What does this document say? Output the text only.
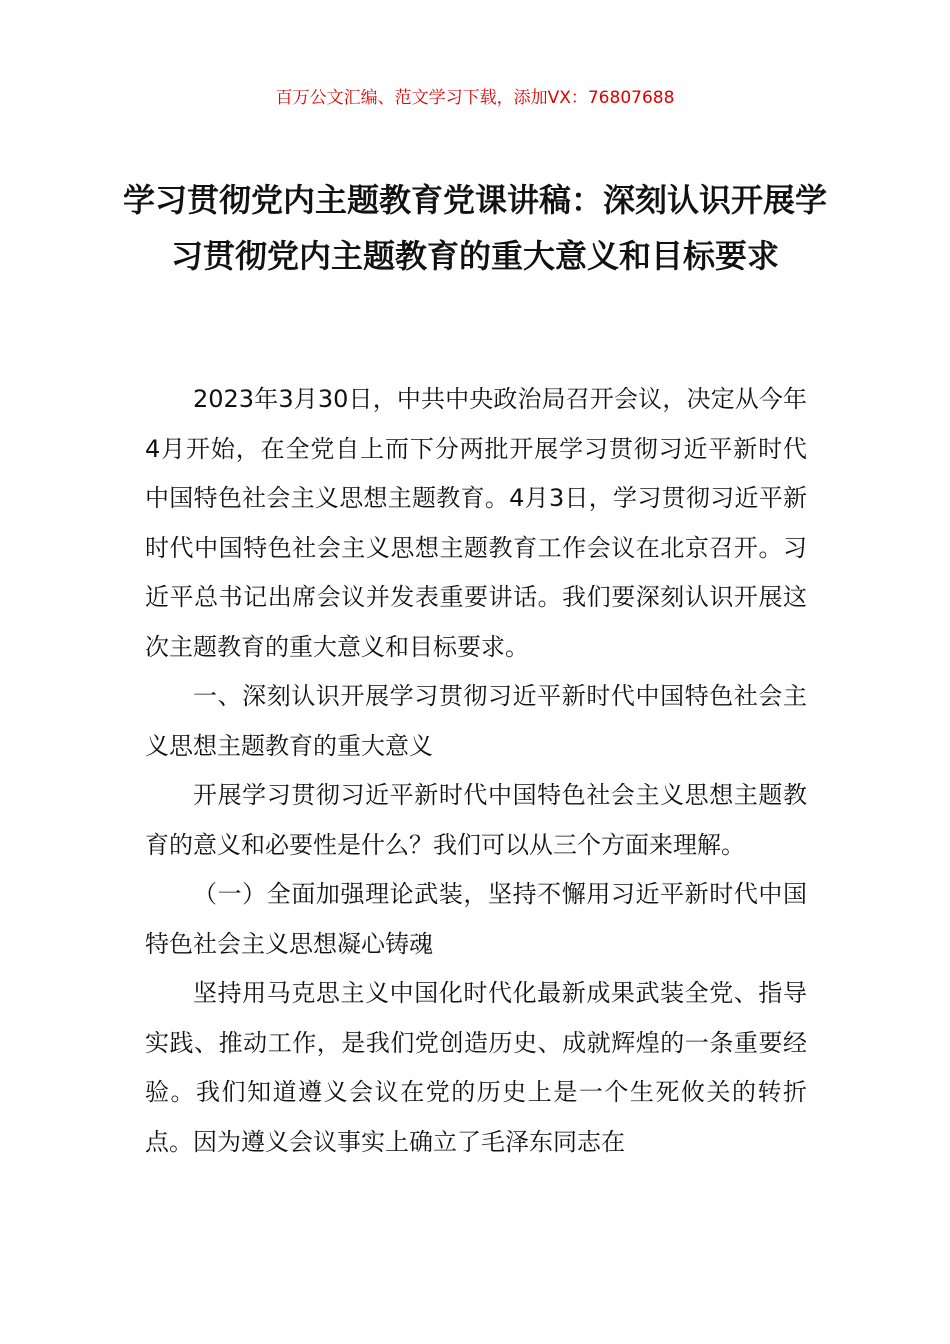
百万公文汇编、范文学习下载，添加VX：76807688
学习贯彻党内主题教育党课讲稿：深刻认识开展学习贯彻党内主题教育的重大意义和目标要求

2023年3月30日，中共中央政治局召开会议，决定从今年4月开始，在全党自上而下分两批开展学习贯彻习近平新时代中国特色社会主义思想主题教育。4月3日，学习贯彻习近平新时代中国特色社会主义思想主题教育工作会议在北京召开。习近平总书记出席会议并发表重要讲话。我们要深刻认识开展这次主题教育的重大意义和目标要求。

一、深刻认识开展学习贯彻习近平新时代中国特色社会主义思想主题教育的重大意义

开展学习贯彻习近平新时代中国特色社会主义思想主题教育的意义和必要性是什么？我们可以从三个方面来理解。

（一）全面加强理论武装，坚持不懈用习近平新时代中国特色社会主义思想凝心铸魂

坚持用马克思主义中国化时代化最新成果武装全党、指导实践、推动工作，是我们党创造历史、成就辉煌的一条重要经验。我们知道遵义会议在党的历史上是一个生死攸关的转折点。因为遵义会议事实上确立了毛泽东同志在
